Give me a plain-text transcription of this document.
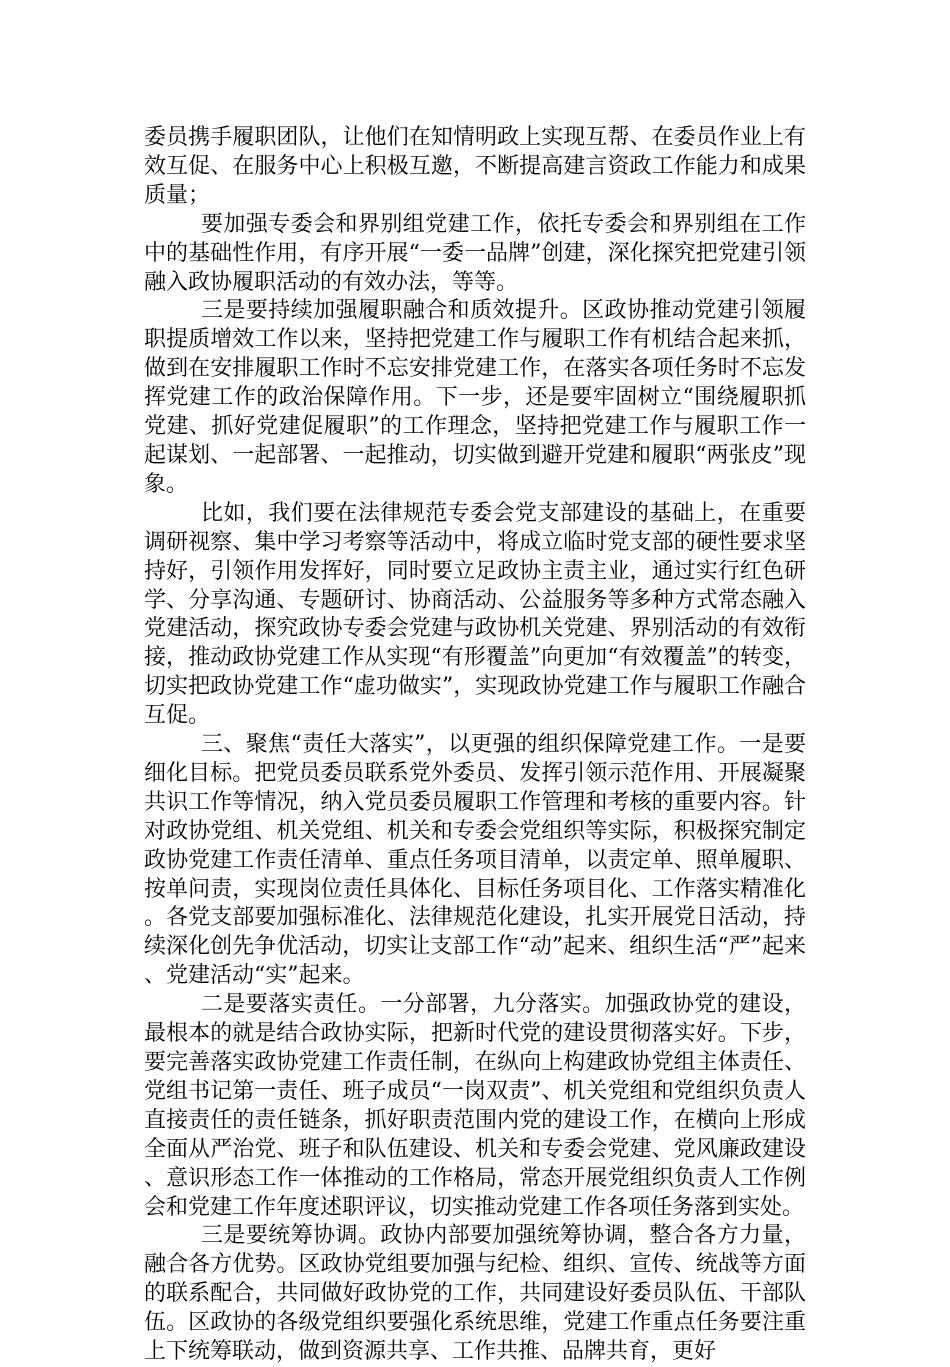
委员携手履职团队，让他们在知情明政上实现互帮、在委员作业上有效互促、在服务中心上积极互邀，不断提高建言资政工作能力和成果质量；

要加强专委会和界别组党建工作，依托专委会和界别组在工作中的基础性作用，有序开展“一委一品牌”创建，深化探究把党建引领融入政协履职活动的有效办法，等等。

三是要持续加强履职融合和质效提升。区政协推动党建引领履职提质增效工作以来，坚持把党建工作与履职工作有机结合起来抓，做到在安排履职工作时不忘安排党建工作，在落实各项任务时不忘发挥党建工作的政治保障作用。下一步，还是要牢固树立“围绕履职抓党建、抓好党建促履职”的工作理念，坚持把党建工作与履职工作一起谋划、一起部署、一起推动，切实做到避开党建和履职“两张皮”现象。

比如，我们要在法律规范专委会党支部建设的基础上，在重要调研视察、集中学习考察等活动中，将成立临时党支部的硬性要求坚持好，引领作用发挥好，同时要立足政协主责主业，通过实行红色研学、分享沟通、专题研讨、协商活动、公益服务等多种方式常态融入党建活动，探究政协专委会党建与政协机关党建、界别活动的有效衔接，推动政协党建工作从实现“有形覆盖”向更加“有效覆盖”的转变，切实把政协党建工作“虚功做实”，实现政协党建工作与履职工作融合互促。

三、聚焦“责任大落实”，以更强的组织保障党建工作。一是要细化目标。把党员委员联系党外委员、发挥引领示范作用、开展凝聚共识工作等情况，纳入党员委员履职工作管理和考核的重要内容。针对政协党组、机关党组、机关和专委会党组织等实际，积极探究制定政协党建工作责任清单、重点任务项目清单，以责定单、照单履职、按单问责，实现岗位责任具体化、目标任务项目化、工作落实精准化。各党支部要加强标准化、法律规范化建设，扎实开展党日活动，持续深化创先争优活动，切实让支部工作“动”起来、组织生活“严”起来、党建活动“实”起来。

二是要落实责任。一分部署，九分落实。加强政协党的建设，最根本的就是结合政协实际，把新时代党的建设贯彻落实好。下步，要完善落实政协党建工作责任制，在纵向上构建政协党组主体责任、党组书记第一责任、班子成员“一岗双责”、机关党组和党组织负责人直接责任的责任链条，抓好职责范围内党的建设工作，在横向上形成全面从严治党、班子和队伍建设、机关和专委会党建、党风廉政建设、意识形态工作一体推动的工作格局，常态开展党组织负责人工作例会和党建工作年度述职评议，切实推动党建工作各项任务落到实处。

三是要统筹协调。政协内部要加强统筹协调，整合各方力量，融合各方优势。区政协党组要加强与纪检、组织、宣传、统战等方面的联系配合，共同做好政协党的工作，共同建设好委员队伍、干部队伍。区政协的各级党组织要强化系统思维，党建工作重点任务要注重上下统筹联动，做到资源共享、工作共推、品牌共育，更好
